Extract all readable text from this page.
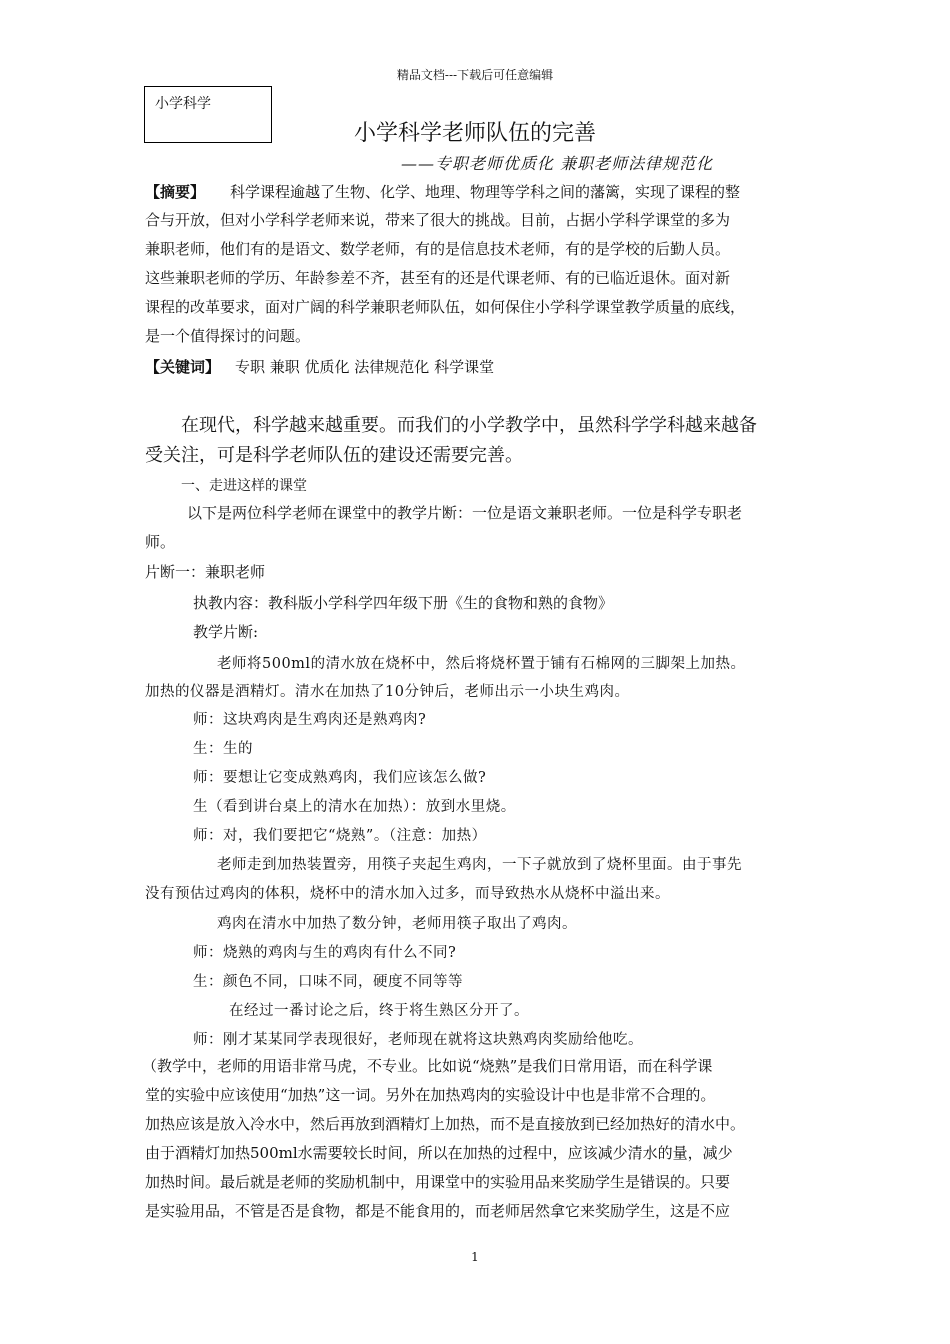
精品文档---下载后可任意编辑
小学科学
小学科学老师队伍的完善
——专职老师优质化 兼职老师法律规范化
【摘要】 科学课程逾越了生物、化学、地理、物理等学科之间的藩篱，实现了课程的整
合与开放，但对小学科学老师来说，带来了很大的挑战。目前，占据小学科学课堂的多为
兼职老师，他们有的是语文、数学老师，有的是信息技术老师，有的是学校的后勤人员。
这些兼职老师的学历、年龄参差不齐，甚至有的还是代课老师、有的已临近退休。面对新
课程的改革要求，面对广阔的科学兼职老师队伍，如何保住小学科学课堂教学质量的底线，
是一个值得探讨的问题。
【关键词】 专职 兼职 优质化 法律规范化 科学课堂
在现代，科学越来越重要。而我们的小学教学中，虽然科学学科越来越备
受关注，可是科学老师队伍的建设还需要完善。
一、走进这样的课堂
以下是两位科学老师在课堂中的教学片断：一位是语文兼职老师。一位是科学专职老
师。
片断一：兼职老师
执教内容：教科版小学科学四年级下册《生的食物和熟的食物》
教学片断:
老师将500ml的清水放在烧杯中，然后将烧杯置于铺有石棉网的三脚架上加热。
加热的仪器是酒精灯。清水在加热了10分钟后，老师出示一小块生鸡肉。
师：这块鸡肉是生鸡肉还是熟鸡肉?
生：生的
师：要想让它变成熟鸡肉，我们应该怎么做?
生（看到讲台桌上的清水在加热）：放到水里烧。
师：对，我们要把它“烧熟”。（注意：加热）
老师走到加热装置旁，用筷子夹起生鸡肉，一下子就放到了烧杯里面。由于事先
没有预估过鸡肉的体积，烧杯中的清水加入过多，而导致热水从烧杯中溢出来。
鸡肉在清水中加热了数分钟，老师用筷子取出了鸡肉。
师：烧熟的鸡肉与生的鸡肉有什么不同?
生：颜色不同，口味不同，硬度不同等等
在经过一番讨论之后，终于将生熟区分开了。
师：刚才某某同学表现很好，老师现在就将这块熟鸡肉奖励给他吃。
（教学中，老师的用语非常马虎，不专业。比如说“烧熟”是我们日常用语，而在科学课
堂的实验中应该使用“加热”这一词。另外在加热鸡肉的实验设计中也是非常不合理的。
加热应该是放入冷水中，然后再放到酒精灯上加热，而不是直接放到已经加热好的清水中。
由于酒精灯加热500ml水需要较长时间，所以在加热的过程中，应该减少清水的量，减少
加热时间。最后就是老师的奖励机制中，用课堂中的实验用品来奖励学生是错误的。只要
是实验用品，不管是否是食物，都是不能食用的，而老师居然拿它来奖励学生，这是不应
1
